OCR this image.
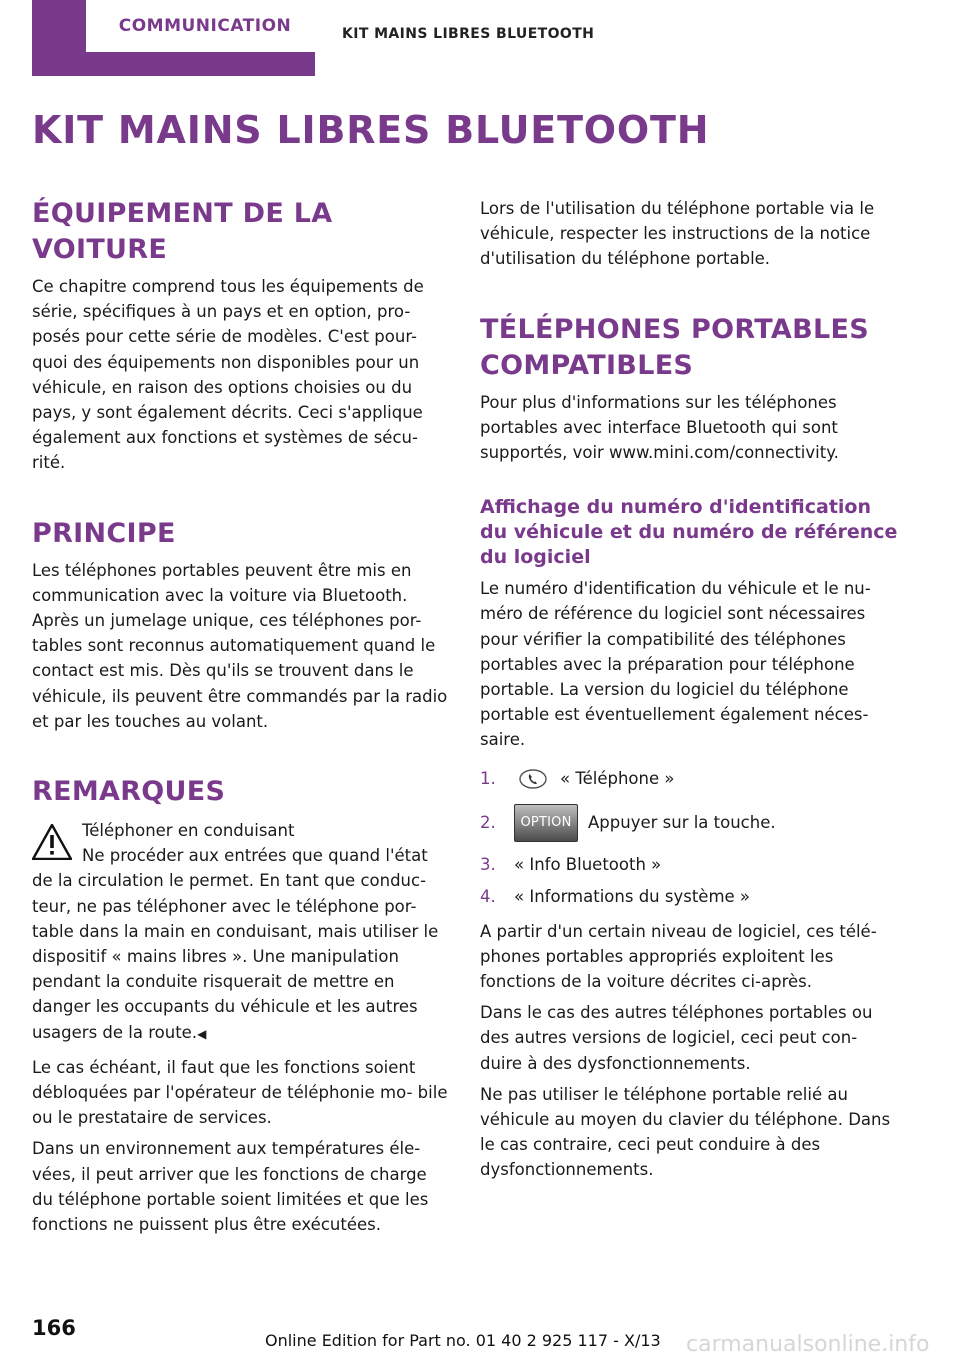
COMMUNICATION	KIT MAINS LIBRES BLUETOOTH
KIT MAINS LIBRES BLUETOOTH
ÉQUIPEMENT DE LA VOITURE

Ce chapitre comprend tous les équipements de série, spécifiques à un pays et en option, pro- posés pour cette série de modèles. C'est pour- quoi des équipements non disponibles pour un véhicule, en raison des options choisies ou du pays, y sont également décrits. Ceci s'applique également aux fonctions et systèmes de sécu- rité.

PRINCIPE

Les téléphones portables peuvent être mis en communication avec la voiture via Bluetooth. Après un jumelage unique, ces téléphones por- tables sont reconnus automatiquement quand le contact est mis. Dès qu'ils se trouvent dans le véhicule, ils peuvent être commandés par la radio et par les touches au volant.

REMARQUES
Téléphoner en conduisant
Ne procéder aux entrées que quand l'état
de la circulation le permet. En tant que conduc- teur, ne pas téléphoner avec le téléphone por- table dans la main en conduisant, mais utiliser le dispositif « mains libres ». Une manipulation pendant la conduite risquerait de mettre en danger les occupants du véhicule et les autres usagers de la route.◀

Le cas échéant, il faut que les fonctions soient débloquées par l'opérateur de téléphonie mo- bile ou le prestataire de services.

Dans un environnement aux températures éle- vées, il peut arriver que les fonctions de charge du téléphone portable soient limitées et que les fonctions ne puissent plus être exécutées.

Lors de l'utilisation du téléphone portable via le véhicule, respecter les instructions de la notice d'utilisation du téléphone portable.

TÉLÉPHONES PORTABLES COMPATIBLES

Pour plus d'informations sur les téléphones portables avec interface Bluetooth qui sont supportés, voir www.mini.com/connectivity.

Affichage du numéro d'identification du véhicule et du numéro de référence du logiciel

Le numéro d'identification du véhicule et le nu- méro de référence du logiciel sont nécessaires pour vérifier la compatibilité des téléphones portables avec la préparation pour téléphone portable. La version du logiciel du téléphone portable est éventuellement également néces- saire.

1.	« Téléphone »
2.	OPTION	Appuyer sur la touche.
3.	« Info Bluetooth »
4.	« Informations du système »

A partir d'un certain niveau de logiciel, ces télé- phones portables appropriés exploitent les fonctions de la voiture décrites ci-après.

Dans le cas des autres téléphones portables ou des autres versions de logiciel, ceci peut con- duire à des dysfonctionnements.

Ne pas utiliser le téléphone portable relié au véhicule au moyen du clavier du téléphone. Dans le cas contraire, ceci peut conduire à des dysfonctionnements.

166
Online Edition for Part no. 01 40 2 925 117 - X/13 carmanualsonline.info
